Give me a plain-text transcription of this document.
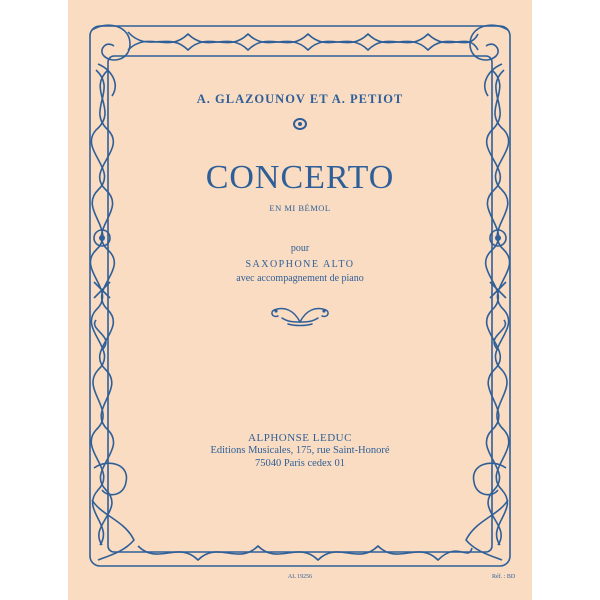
A. GLAZOUNOV ET A. PETIOT

CONCERTO

EN MI BÉMOL

pour

SAXOPHONE ALTO

avec accompagnement de piano

ALPHONSE LEDUC

Editions Musicales, 175, rue Saint-Honoré

75040 Paris cedex 01

AL 19256	Réf. : BD
